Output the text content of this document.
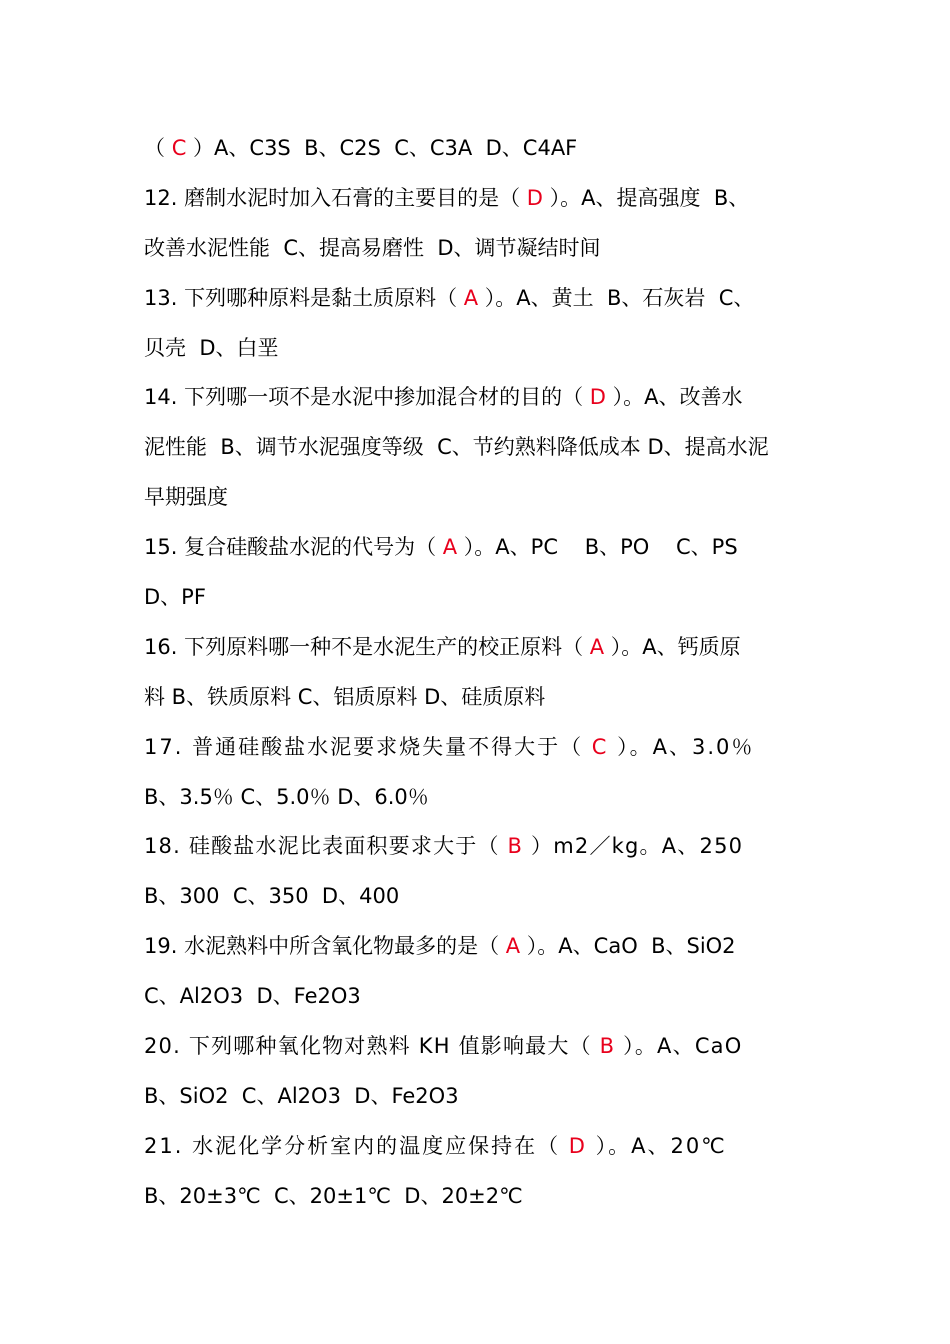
（ C ）A、C3S  B、C2S  C、C3A  D、C4AF
12. 磨制水泥时加入石膏的主要目的是（ D ）。A、提高强度  B、
改善水泥性能  C、提高易磨性  D、调节凝结时间
13. 下列哪种原料是黏土质原料（ A ）。A、黄土  B、石灰岩  C、
贝壳  D、白垩
14. 下列哪一项不是水泥中掺加混合材的目的（ D ）。A、改善水
泥性能  B、调节水泥强度等级  C、节约熟料降低成本 D、提高水泥
早期强度
15. 复合硅酸盐水泥的代号为（ A ）。A、PC    B、PO    C、PS
D、PF
16. 下列原料哪一种不是水泥生产的校正原料（ A ）。A、钙质原
料 B、铁质原料 C、铝质原料 D、硅质原料
17. 普通硅酸盐水泥要求烧失量不得大于（ C ）。A、3.0％
B、3.5％ C、5.0％ D、6.0％
18. 硅酸盐水泥比表面积要求大于（ B ）m2／kg。A、250
B、300  C、350  D、400
19. 水泥熟料中所含氧化物最多的是（ A ）。A、CaO  B、SiO2
C、Al2O3  D、Fe2O3
20. 下列哪种氧化物对熟料 KH 值影响最大（ B ）。A、CaO
B、SiO2  C、Al2O3  D、Fe2O3
21. 水泥化学分析室内的温度应保持在（ D ）。A、20℃
B、20±3℃  C、20±1℃  D、20±2℃
